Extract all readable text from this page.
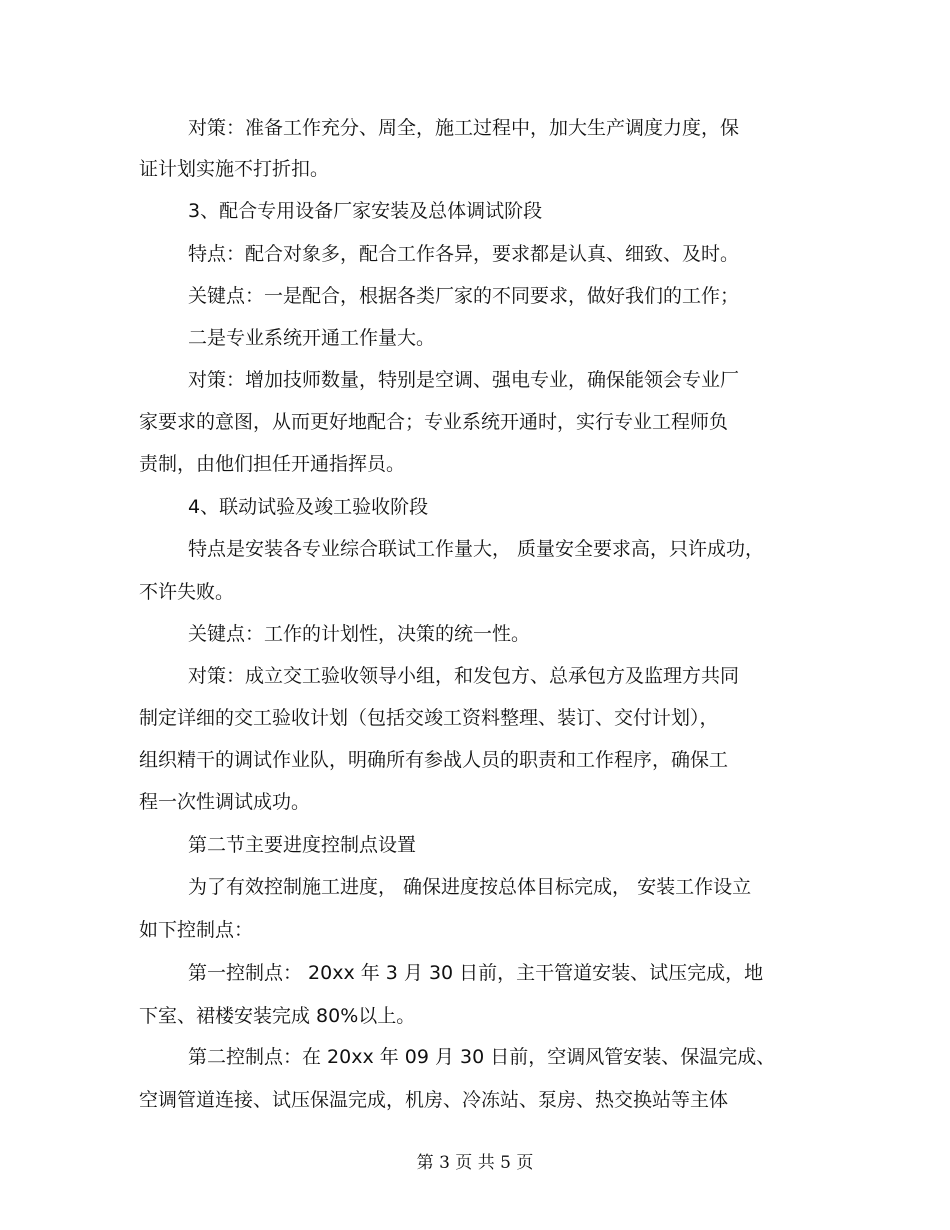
对策：准备工作充分、周全，施工过程中，加大生产调度力度，保
证计划实施不打折扣。
3、配合专用设备厂家安装及总体调试阶段
特点：配合对象多，配合工作各异，要求都是认真、细致、及时。
关键点：一是配合，根据各类厂家的不同要求，做好我们的工作；
二是专业系统开通工作量大。
对策：增加技师数量，特别是空调、强电专业，确保能领会专业厂
家要求的意图，从而更好地配合；专业系统开通时，实行专业工程师负
责制，由他们担任开通指挥员。
4、联动试验及竣工验收阶段
特点是安装各专业综合联试工作量大， 质量安全要求高，只许成功，
不许失败。
关键点：工作的计划性，决策的统一性。
对策：成立交工验收领导小组，和发包方、总承包方及监理方共同
制定详细的交工验收计划（包括交竣工资料整理、装订、交付计划），
组织精干的调试作业队，明确所有参战人员的职责和工作程序，确保工
程一次性调试成功。
第二节主要进度控制点设置
为了有效控制施工进度， 确保进度按总体目标完成， 安装工作设立
如下控制点：
第一控制点： 20xx 年 3 月 30 日前，主干管道安装、试压完成，地
下室、裙楼安装完成 80%以上。
第二控制点：在 20xx 年 09 月 30 日前，空调风管安装、保温完成、
空调管道连接、试压保温完成，机房、冷冻站、泵房、热交换站等主体
第 3 页 共 5 页
